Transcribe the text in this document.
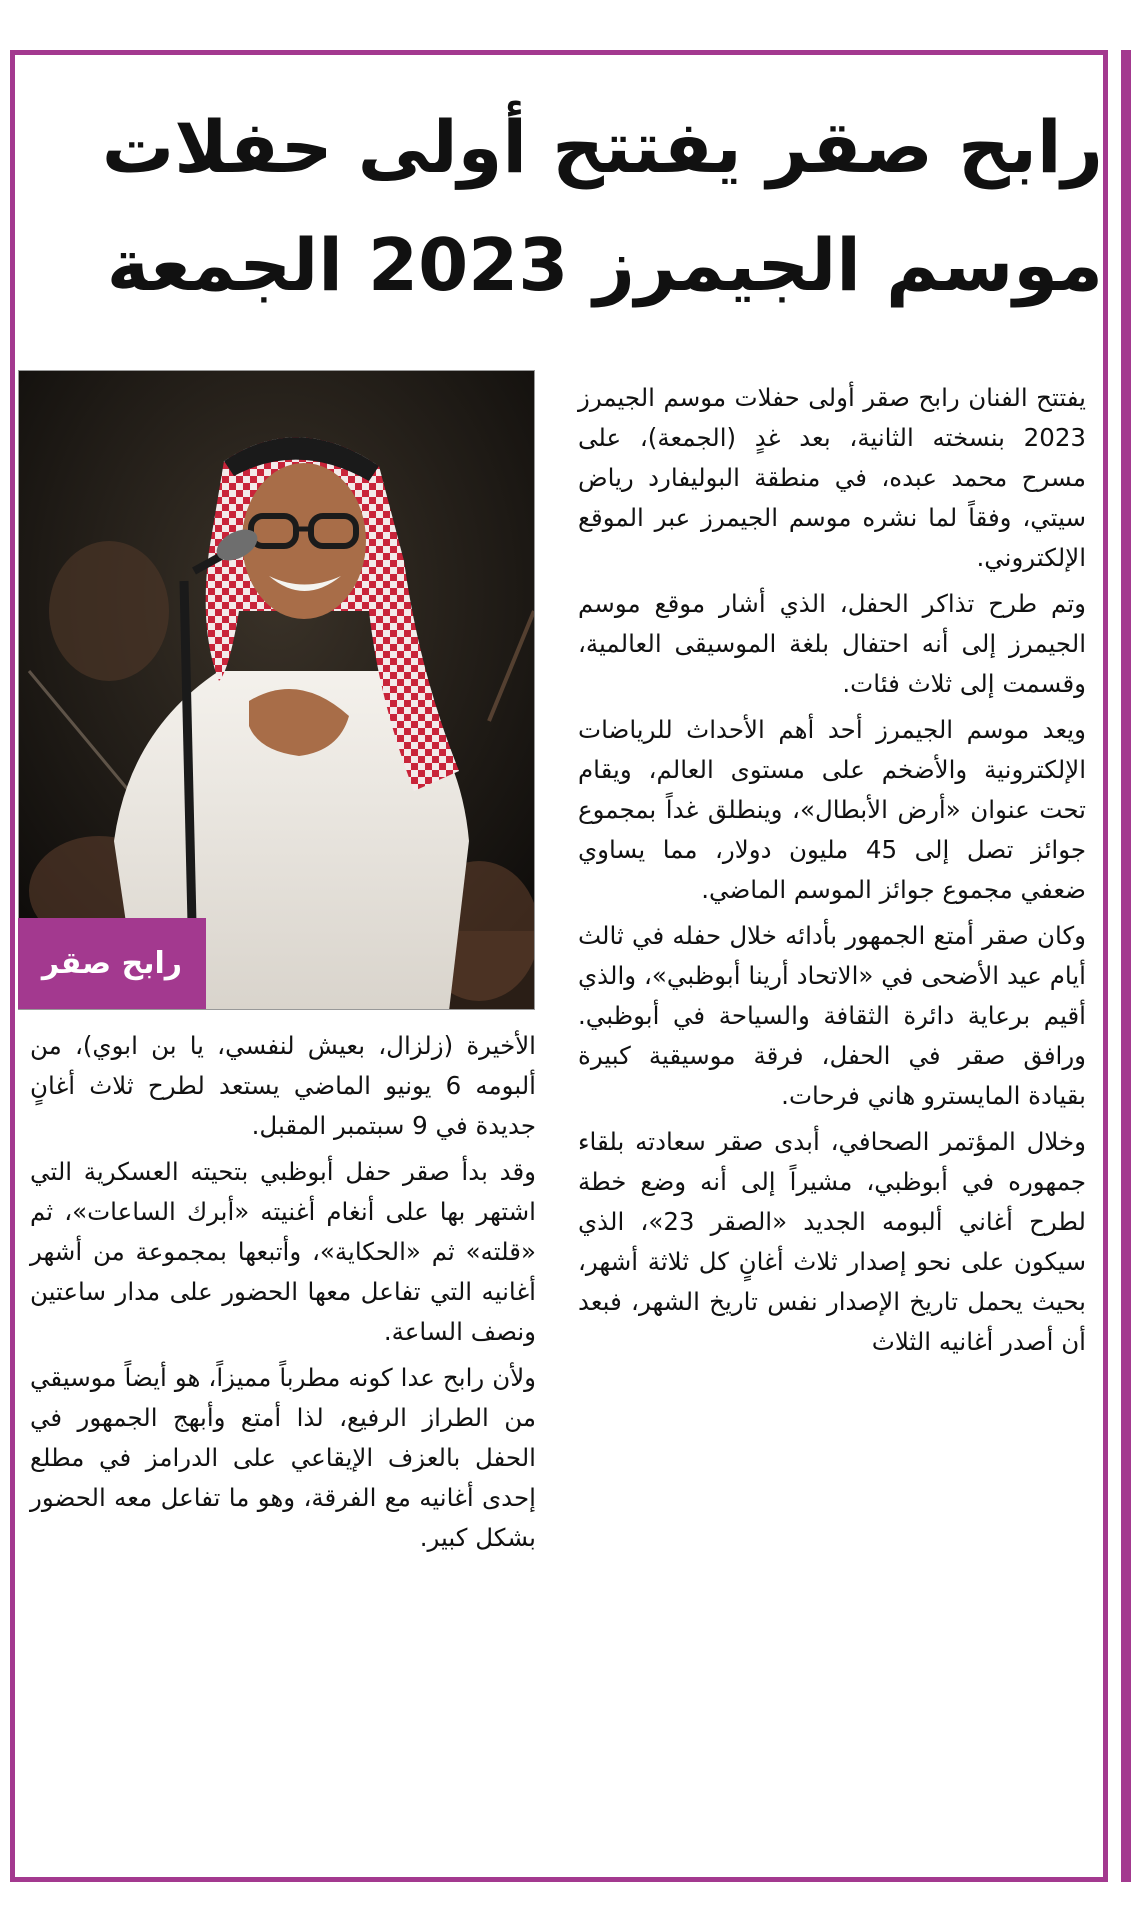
رابح صقر يفتتح أولى حفلات
موسم الجيمرز 2023 الجمعة
رابح صقر

يفتتح الفنان رابح صقر أولى حفلات موسم الجيمرز 2023 بنسخته الثانية، بعد غدٍ (الجمعة)، على مسرح محمد عبده، في منطقة البوليفارد رياض سيتي، وفقاً لما نشره موسم الجيمرز عبر الموقع الإلكتروني.

وتم طرح تذاكر الحفل، الذي أشار موقع موسم الجيمرز إلى أنه احتفال بلغة الموسيقى العالمية، وقسمت إلى ثلاث فئات.

ويعد موسم الجيمرز أحد أهم الأحداث للرياضات الإلكترونية والأضخم على مستوى العالم، ويقام تحت عنوان «أرض الأبطال»، وينطلق غداً بمجموع جوائز تصل إلى 45 مليون دولار، مما يساوي ضعفي مجموع جوائز الموسم الماضي.

وكان صقر أمتع الجمهور بأدائه خلال حفله في ثالث أيام عيد الأضحى في «الاتحاد أرينا أبوظبي»، والذي أقيم برعاية دائرة الثقافة والسياحة في أبوظبي. ورافق صقر في الحفل، فرقة موسيقية كبيرة بقيادة المايسترو هاني فرحات.

وخلال المؤتمر الصحافي، أبدى صقر سعادته بلقاء جمهوره في أبوظبي، مشيراً إلى أنه وضع خطة لطرح أغاني ألبومه الجديد «الصقر 23»، الذي سيكون على نحو إصدار ثلاث أغانٍ كل ثلاثة أشهر، بحيث يحمل تاريخ الإصدار نفس تاريخ الشهر، فبعد أن أصدر أغانيه الثلاث

الأخيرة (زلزال، بعيش لنفسي، يا بن ابوي)، من ألبومه 6 يونيو الماضي يستعد لطرح ثلاث أغانٍ جديدة في 9 سبتمبر المقبل.

وقد بدأ صقر حفل أبوظبي بتحيته العسكرية التي اشتهر بها على أنغام أغنيته «أبرك الساعات»، ثم «قلته» ثم «الحكاية»، وأتبعها بمجموعة من أشهر أغانيه التي تفاعل معها الحضور على مدار ساعتين ونصف الساعة.

ولأن رابح عدا كونه مطرباً مميزاً، هو أيضاً موسيقي من الطراز الرفيع، لذا أمتع وأبهج الجمهور في الحفل بالعزف الإيقاعي على الدرامز في مطلع إحدى أغانيه مع الفرقة، وهو ما تفاعل معه الحضور بشكل كبير.
